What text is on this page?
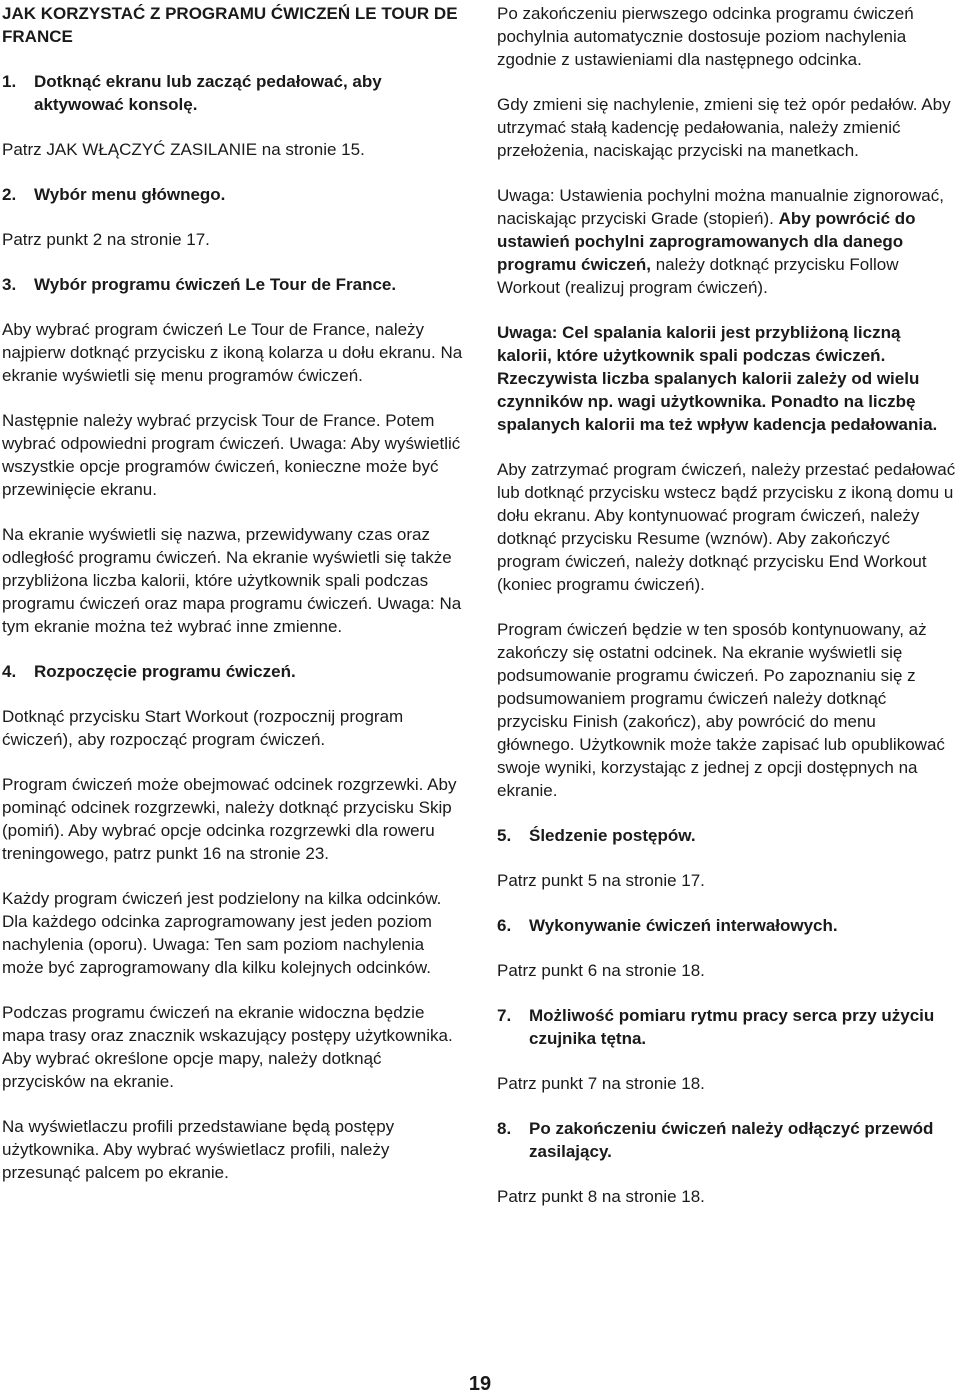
JAK KORZYSTAĆ Z PROGRAMU ĆWICZEŃ LE TOUR DE FRANCE

1.	Dotknąć ekranu lub zacząć pedałować, aby aktywować konsolę.

Patrz JAK WŁĄCZYĆ ZASILANIE na stronie 15.

2.	Wybór menu głównego.

Patrz punkt 2 na stronie 17.

3.	Wybór programu ćwiczeń Le Tour de France.

Aby wybrać program ćwiczeń Le Tour de France, należy najpierw dotknąć przycisku z ikoną kolarza u dołu ekranu. Na ekranie wyświetli się menu programów ćwiczeń.

Następnie należy wybrać przycisk Tour de France. Potem wybrać odpowiedni program ćwiczeń. Uwaga: Aby wyświetlić wszystkie opcje programów ćwiczeń, konieczne może być przewinięcie ekranu.

Na ekranie wyświetli się nazwa, przewidywany czas oraz odległość programu ćwiczeń. Na ekranie wyświetli się także przybliżona liczba kalorii, które użytkownik spali podczas programu ćwiczeń oraz mapa programu ćwiczeń. Uwaga: Na tym ekranie można też wybrać inne zmienne.

4.	Rozpoczęcie programu ćwiczeń.

Dotknąć przycisku Start Workout (rozpocznij program ćwiczeń), aby rozpocząć program ćwiczeń.

Program ćwiczeń może obejmować odcinek rozgrzewki. Aby pominąć odcinek rozgrzewki, należy dotknąć przycisku Skip (pomiń). Aby wybrać opcje odcinka rozgrzewki dla roweru treningowego, patrz punkt 16 na stronie 23.

Każdy program ćwiczeń jest podzielony na kilka odcinków. Dla każdego odcinka zaprogramowany jest jeden poziom nachylenia (oporu). Uwaga: Ten sam poziom nachylenia może być zaprogramowany dla kilku kolejnych odcinków.

Podczas programu ćwiczeń na ekranie widoczna będzie mapa trasy oraz znacznik wskazujący postępy użytkownika. Aby wybrać określone opcje mapy, należy dotknąć przycisków na ekranie.

Na wyświetlaczu profili przedstawiane będą postępy użytkownika. Aby wybrać wyświetlacz profili, należy przesunąć palcem po ekranie.

Po zakończeniu pierwszego odcinka programu ćwiczeń pochylnia automatycznie dostosuje poziom nachylenia zgodnie z ustawieniami dla następnego odcinka.

Gdy zmieni się nachylenie, zmieni się też opór pedałów. Aby utrzymać stałą kadencję pedałowania, należy zmienić przełożenia, naciskając przyciski na manetkach.

Uwaga: Ustawienia pochylni można manualnie zignorować, naciskając przyciski Grade (stopień). Aby powrócić do ustawień pochylni zaprogramowanych dla danego programu ćwiczeń, należy dotknąć przycisku Follow Workout (realizuj program ćwiczeń).

Uwaga: Cel spalania kalorii jest przybliżoną liczną kalorii, które użytkownik spali podczas ćwiczeń. Rzeczywista liczba spalanych kalorii zależy od wielu czynników np. wagi użytkownika. Ponadto na liczbę spalanych kalorii ma też wpływ kadencja pedałowania.

Aby zatrzymać program ćwiczeń, należy przestać pedałować lub dotknąć przycisku wstecz bądź przycisku z ikoną domu u dołu ekranu. Aby kontynuować program ćwiczeń, należy dotknąć przycisku Resume (wznów). Aby zakończyć program ćwiczeń, należy dotknąć przycisku End Workout (koniec programu ćwiczeń).

Program ćwiczeń będzie w ten sposób kontynuowany, aż zakończy się ostatni odcinek. Na ekranie wyświetli się podsumowanie programu ćwiczeń. Po zapoznaniu się z podsumowaniem programu ćwiczeń należy dotknąć przycisku Finish (zakończ), aby powrócić do menu głównego. Użytkownik może także zapisać lub opublikować swoje wyniki, korzystając z jednej z opcji dostępnych na ekranie.

5.	Śledzenie postępów.

Patrz punkt 5 na stronie 17.

6.	Wykonywanie ćwiczeń interwałowych.

Patrz punkt 6 na stronie 18.

7.	Możliwość pomiaru rytmu pracy serca przy użyciu czujnika tętna.

Patrz punkt 7 na stronie 18.

8.	Po zakończeniu ćwiczeń należy odłączyć przewód zasilający.

Patrz punkt 8 na stronie 18.

19
